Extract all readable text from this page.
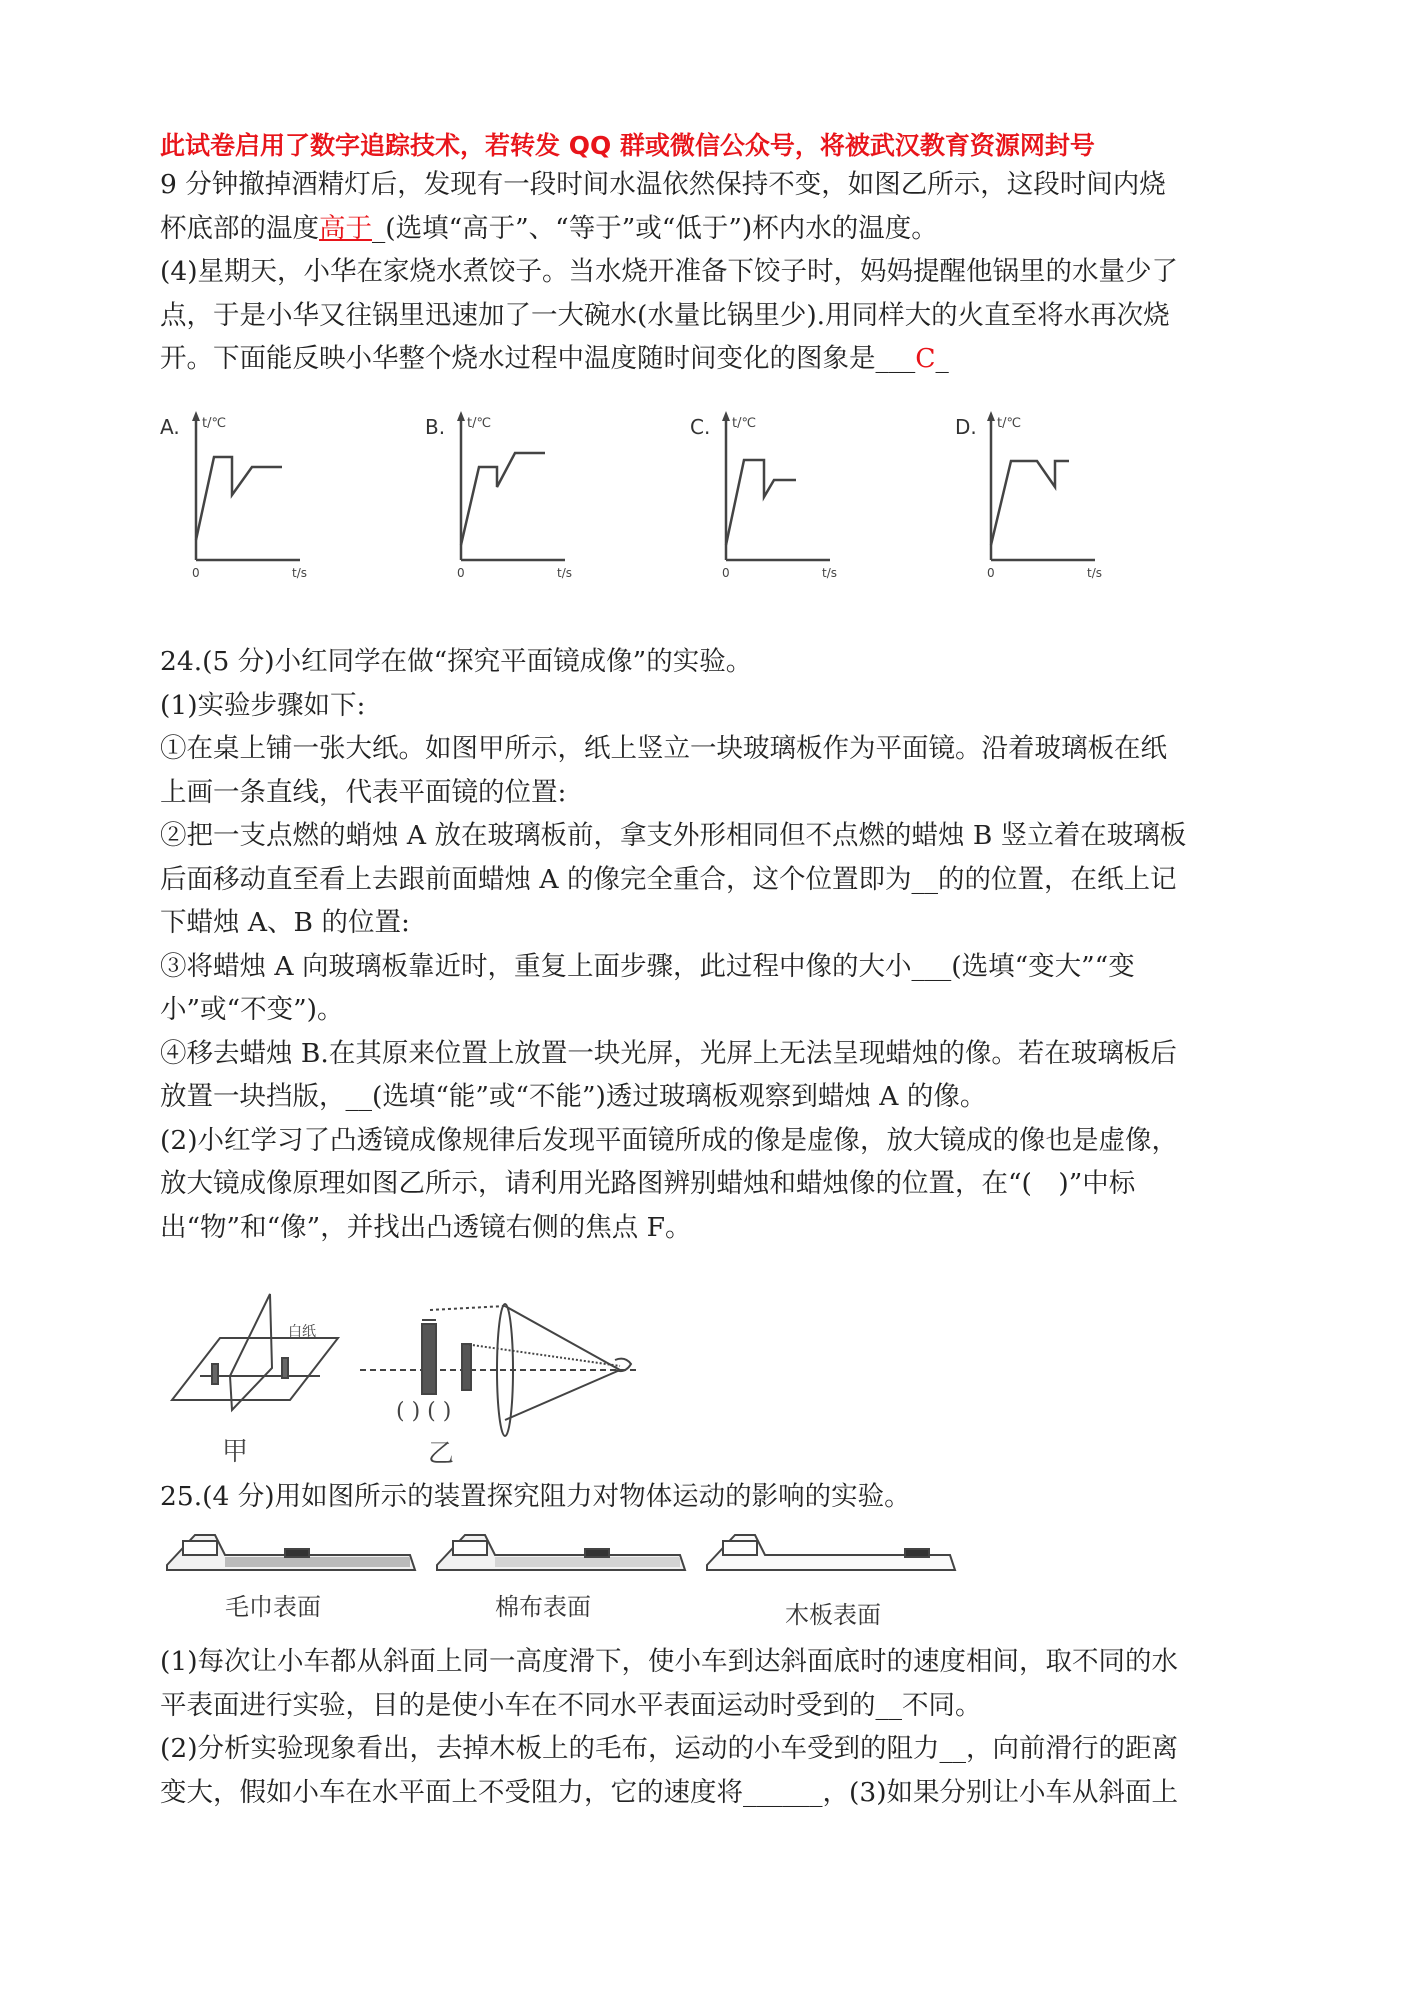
此试卷启用了数字追踪技术，若转发 QQ 群或微信公众号，将被武汉教育资源网封号

9 分钟撤掉酒精灯后，发现有一段时间水温依然保持不变，如图乙所示，这段时间内烧

杯底部的温度高于_(选填“高于”、“等于”或“低于”)杯内水的温度。

(4)星期天，小华在家烧水煮饺子。当水烧开准备下饺子时，妈妈提醒他锅里的水量少了

点，于是小华又往锅里迅速加了一大碗水(水量比锅里少).用同样大的火直至将水再次烧

开。下面能反映小华整个烧水过程中温度随时间变化的图象是___C_

A. t/℃
t/s
0
B. t/℃
t/s
0
C. t/℃
t/s
0
D. t/℃
t/s
0

24.(5 分)小红同学在做“探究平面镜成像”的实验。

(1)实验步骤如下:

①在桌上铺一张大纸。如图甲所示，纸上竖立一块玻璃板作为平面镜。沿着玻璃板在纸

上画一条直线，代表平面镜的位置:

②把一支点燃的蛸烛 A 放在玻璃板前，拿支外形相同但不点燃的蜡烛 B 竖立着在玻璃板

后面移动直至看上去跟前面蜡烛 A 的像完全重合，这个位置即为__的的位置，在纸上记

下蜡烛 A、B 的位置:

③将蜡烛 A 向玻璃板靠近时，重复上面步骤，此过程中像的大小___(选填“变大”“变

小”或“不变”)。

④移去蜡烛 B.在其原来位置上放置一块光屏，光屏上无法呈现蜡烛的像。若在玻璃板后

放置一块挡版，__(选填“能”或“不能”)透过玻璃板观察到蜡烛 A 的像。

(2)小红学习了凸透镜成像规律后发现平面镜所成的像是虚像，放大镜成的像也是虚像，

放大镜成像原理如图乙所示，请利用光路图辨别蜡烛和蜡烛像的位置，在“(　)”中标

出“物”和“像”，并找出凸透镜右侧的焦点 F。

白纸
甲
( ) ( )
乙

25.(4 分)用如图所示的装置探究阻力对物体运动的影响的实验。

毛巾表面	棉布表面	木板表面

(1)每次让小车都从斜面上同一高度滑下，使小车到达斜面底时的速度相间，取不同的水

平表面进行实验，目的是使小车在不同水平表面运动时受到的__不同。

(2)分析实验现象看出，去掉木板上的毛布，运动的小车受到的阻力__，向前滑行的距离

变大，假如小车在水平面上不受阻力，它的速度将______，(3)如果分别让小车从斜面上
